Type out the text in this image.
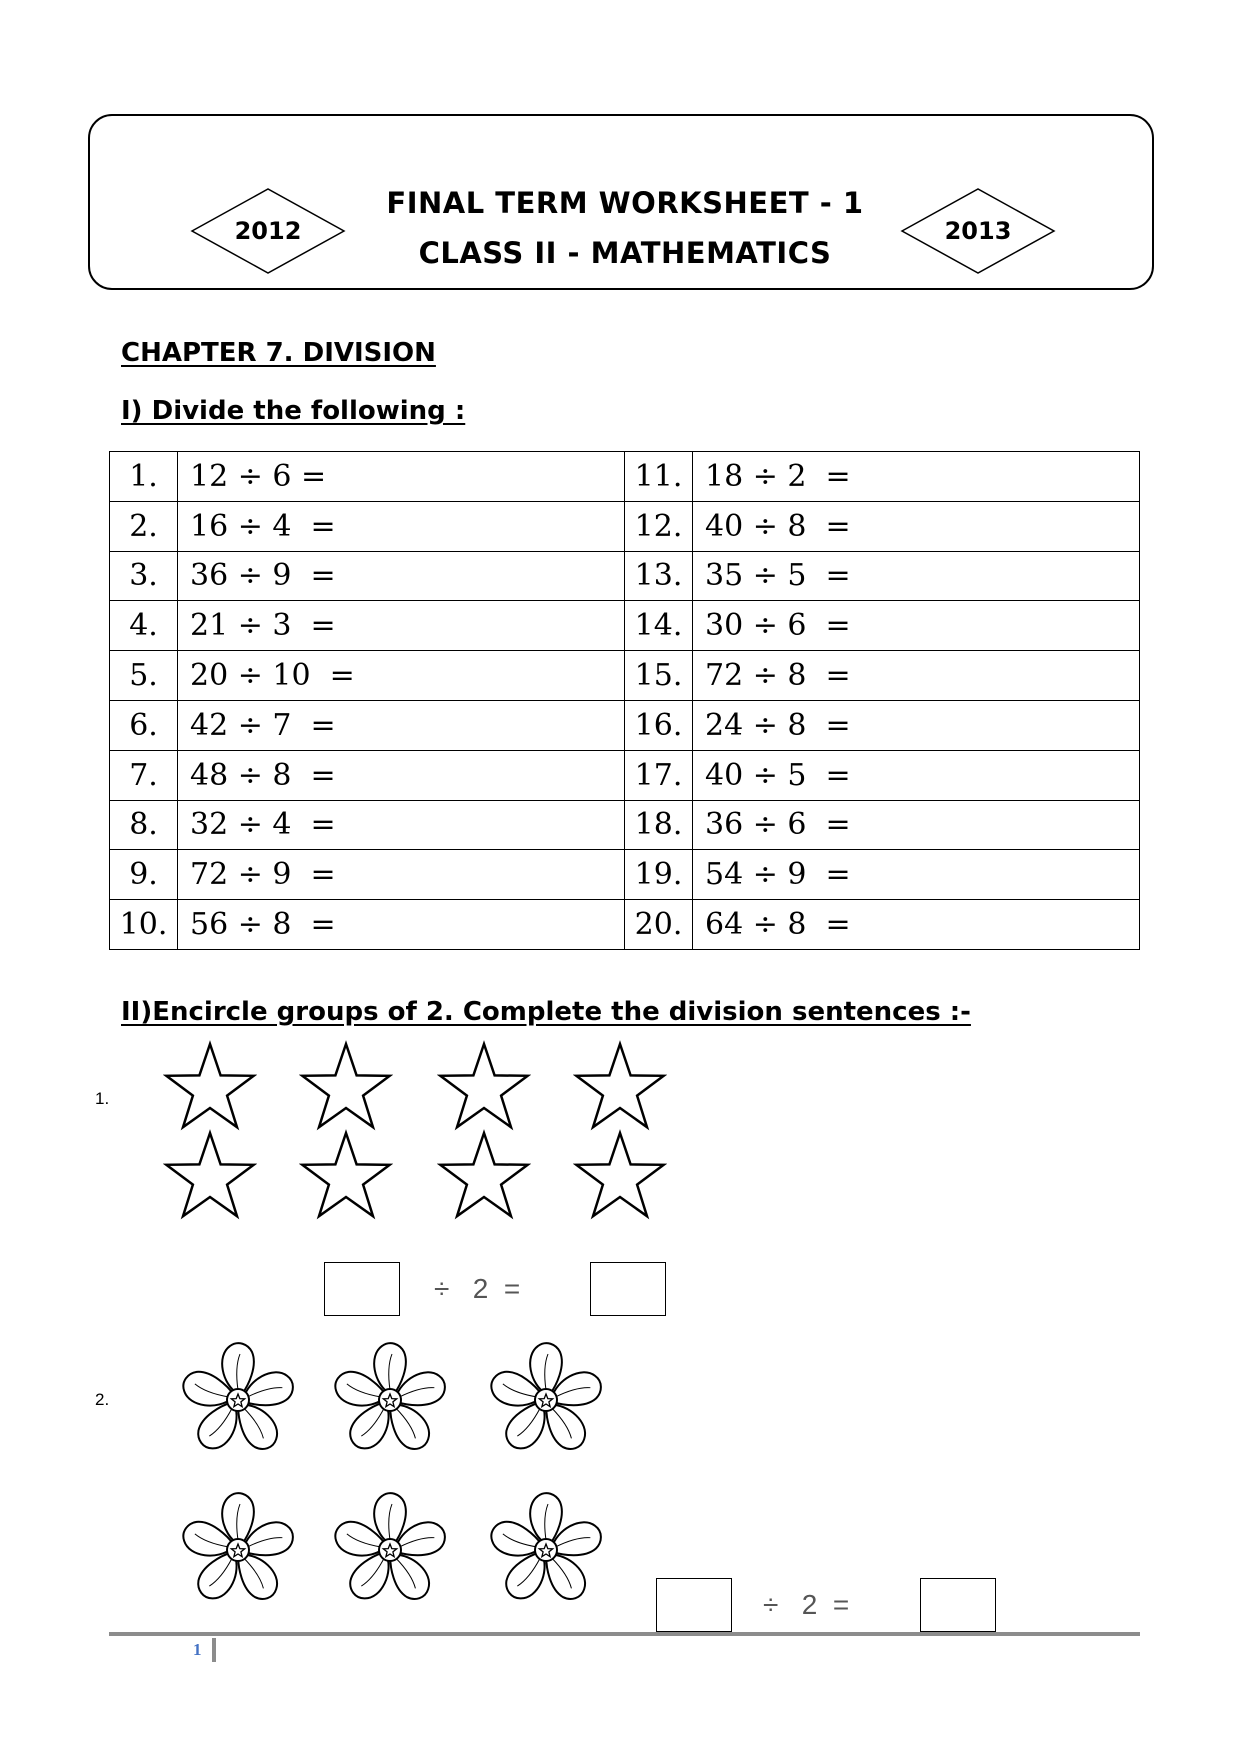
2012	2013
FINAL TERM WORKSHEET - 1
CLASS II - MATHEMATICS
CHAPTER 7. DIVISION
I) Divide the following :
1.	12 ÷ 6 =	11.	18 ÷ 2  =
2.	16 ÷ 4  =	12.	40 ÷ 8  =
3.	36 ÷ 9  =	13.	35 ÷ 5  =
4.	21 ÷ 3  =	14.	30 ÷ 6  =
5.	20 ÷ 10  =	15.	72 ÷ 8  =
6.	42 ÷ 7  =	16.	24 ÷ 8  =
7.	48 ÷ 8  =	17.	40 ÷ 5  =
8.	32 ÷ 4  =	18.	36 ÷ 6  =
9.	72 ÷ 9  =	19.	54 ÷ 9  =
10.	56 ÷ 8  =	20.	64 ÷ 8  =
II)Encircle groups of 2. Complete the division sentences :-
1.
÷   2  =
2.
÷   2  =
1
